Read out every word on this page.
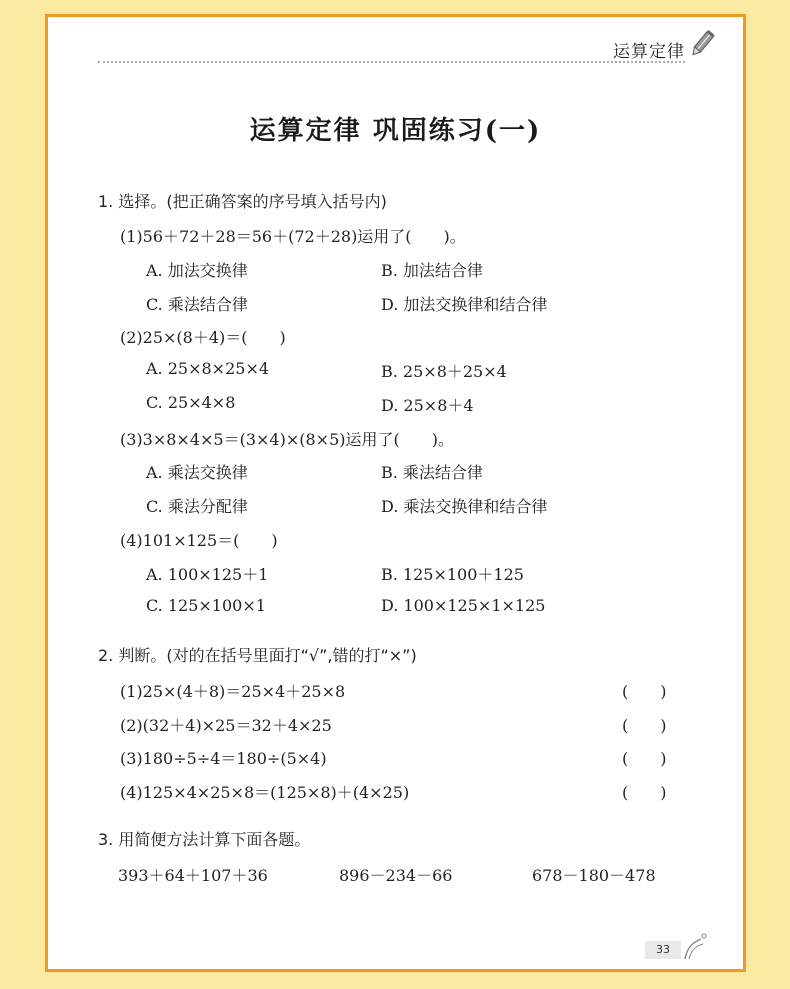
运算定律
运算定律 巩固练习(一)
1. 选择。(把正确答案的序号填入括号内)
(1)56＋72＋28＝56＋(72＋28)运用了(　　)。
A. 加法交换律	B. 加法结合律
C. 乘法结合律	D. 加法交换律和结合律
(2)25×(8＋4)＝(　　)
A. 25×8×25×4	B. 25×8＋25×4
C. 25×4×8	D. 25×8＋4
(3)3×8×4×5＝(3×4)×(8×5)运用了(　　)。
A. 乘法交换律	B. 乘法结合律
C. 乘法分配律	D. 乘法交换律和结合律
(4)101×125＝(　　)
A. 100×125＋1	B. 125×100＋125
C. 125×100×1	D. 100×125×1×125
2. 判断。(对的在括号里面打“√”,错的打“×”)
(1)25×(4＋8)＝25×4＋25×8	(　　)
(2)(32＋4)×25＝32＋4×25	(　　)
(3)180÷5÷4＝180÷(5×4)	(　　)
(4)125×4×25×8＝(125×8)＋(4×25)	(　　)
3. 用简便方法计算下面各题。
393＋64＋107＋36	896－234－66	678－180－478
33
